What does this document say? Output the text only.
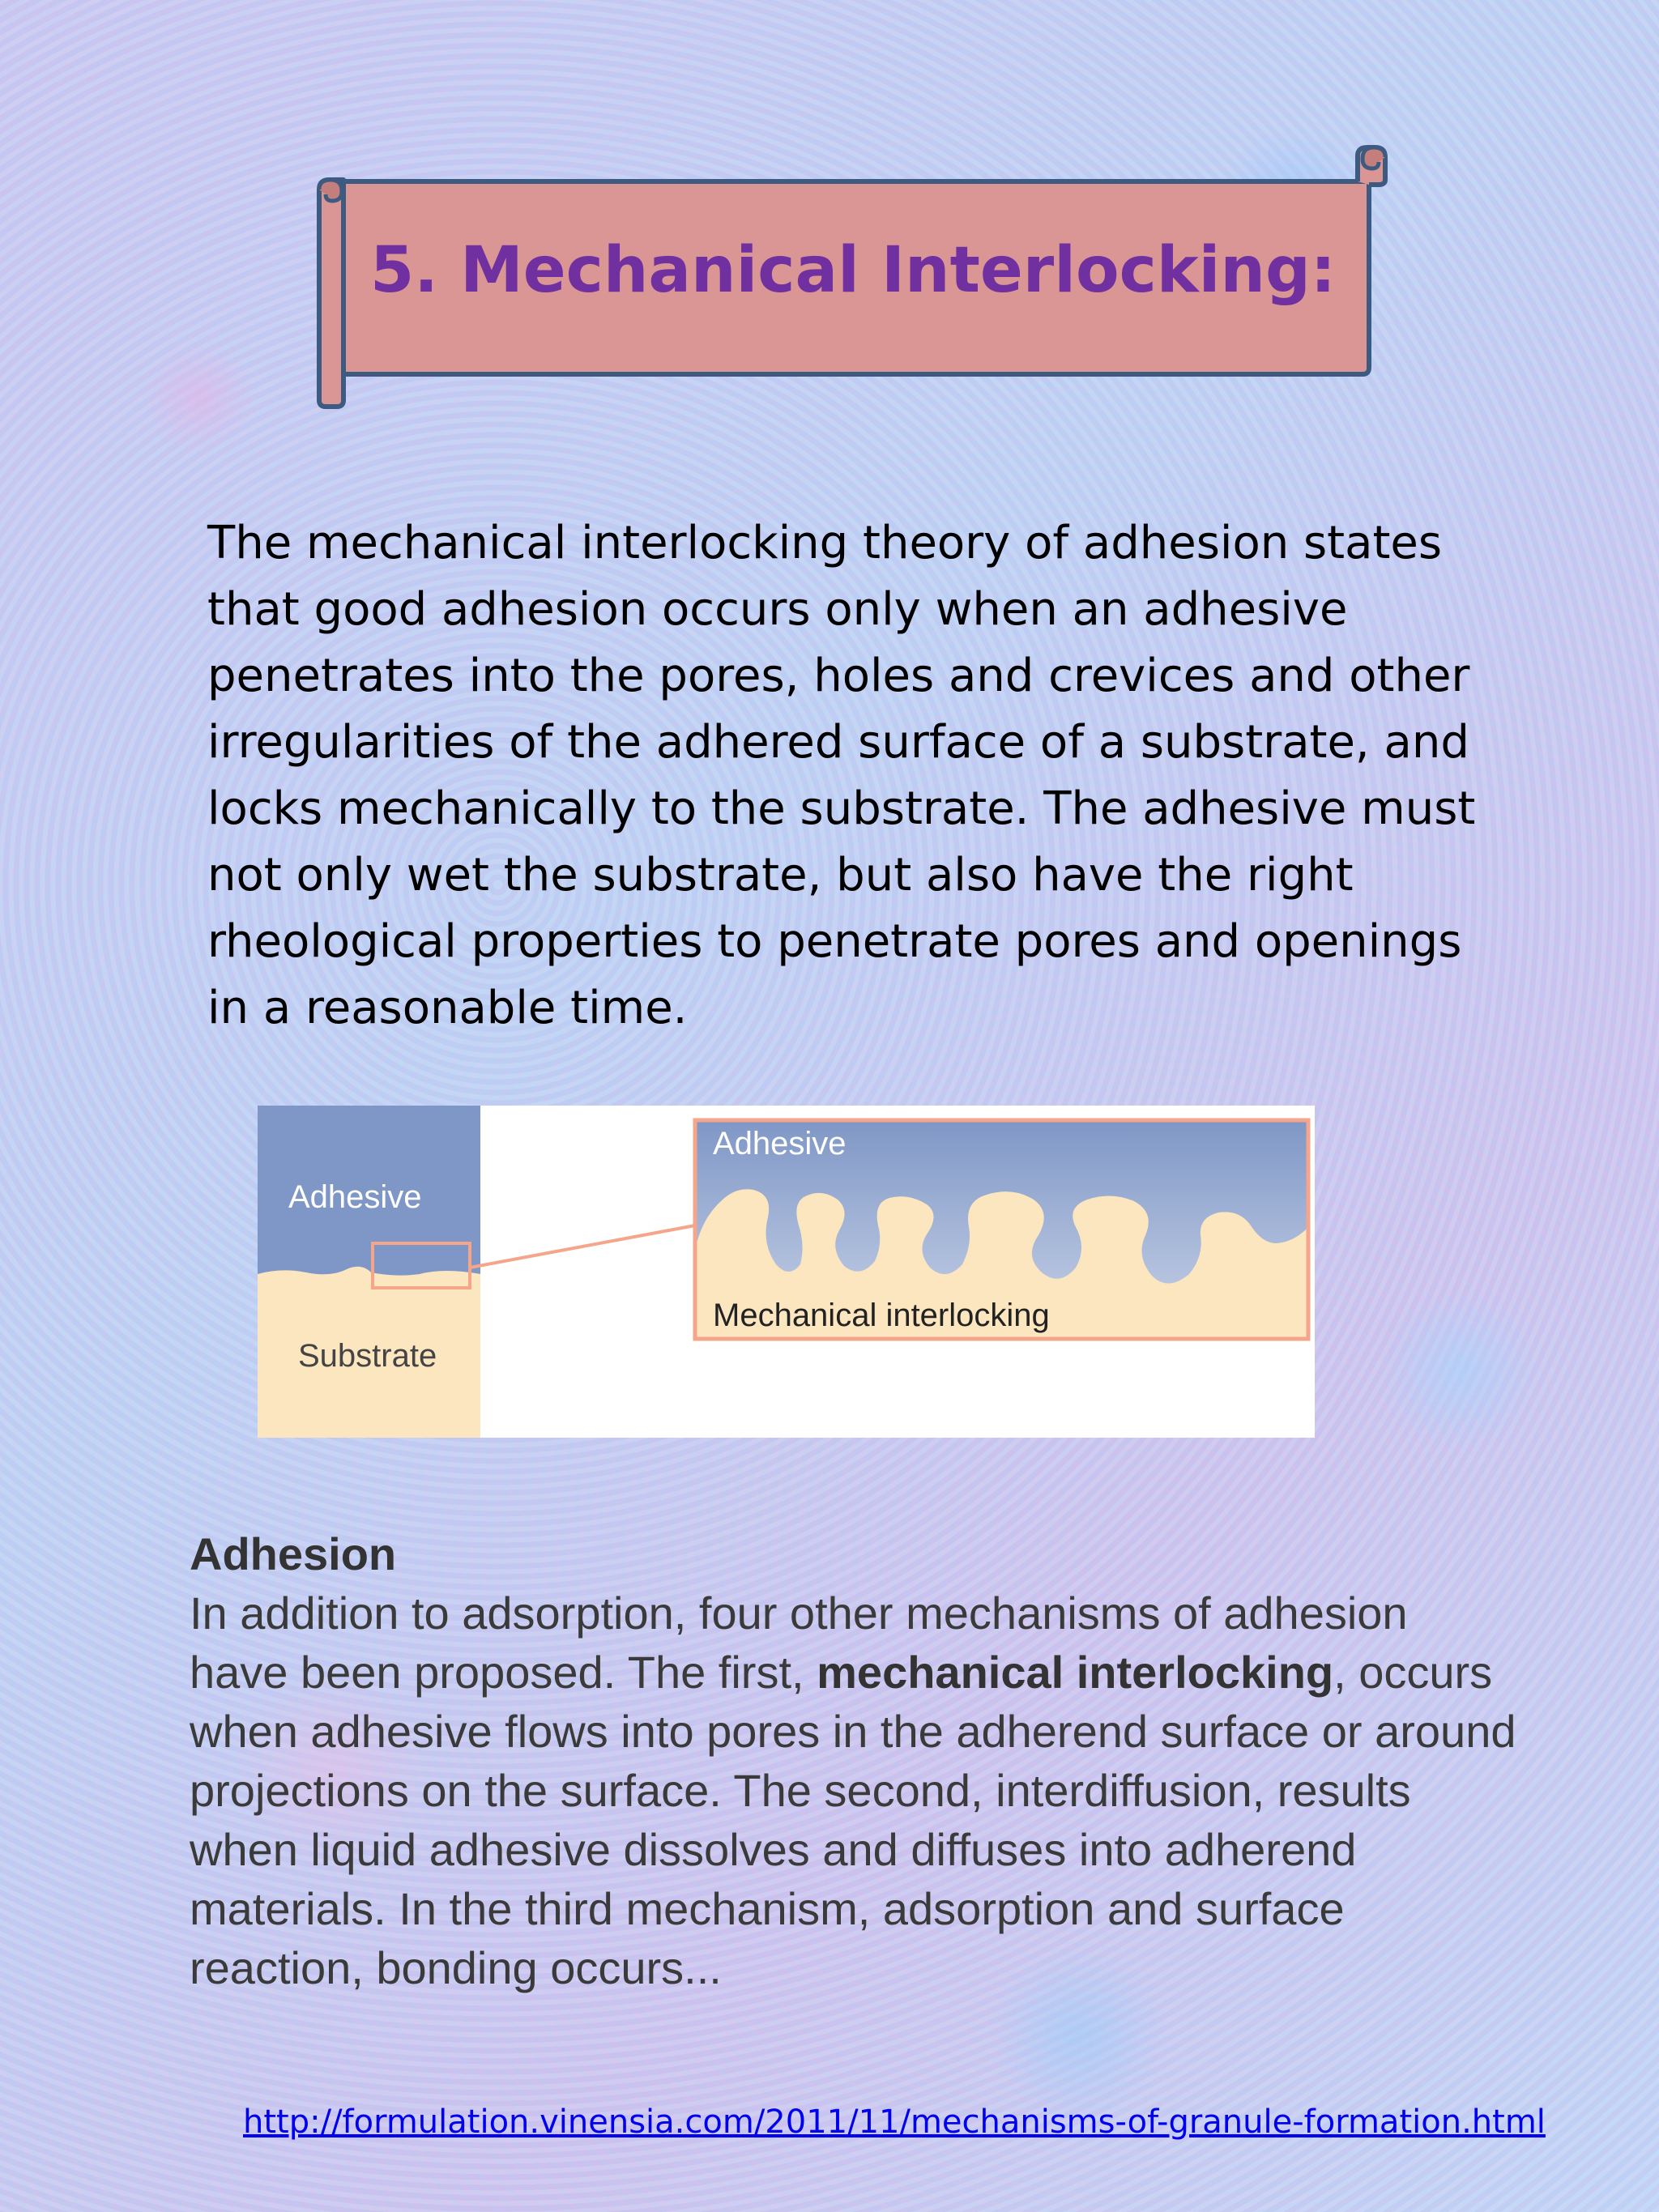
5. Mechanical Interlocking:

The mechanical interlocking theory of adhesion states that good adhesion occurs only when an adhesive penetrates into the pores, holes and crevices and other irregularities of the adhered surface of a substrate, and locks mechanically to the substrate. The adhesive must not only wet the substrate, but also have the right rheological properties to penetrate pores and openings in a reasonable time.

Adhesive
Substrate
Adhesive
Mechanical interlocking
Adhesion
In addition to adsorption, four other mechanisms of adhesion have been proposed. The first, mechanical interlocking, occurs when adhesive flows into pores in the adherend surface or around projections on the surface. The second, interdiffusion, results when liquid adhesive dissolves and diffuses into adherend materials. In the third mechanism, adsorption and surface reaction, bonding occurs...
http://formulation.vinensia.com/2011/11/mechanisms-of-granule-formation.html
